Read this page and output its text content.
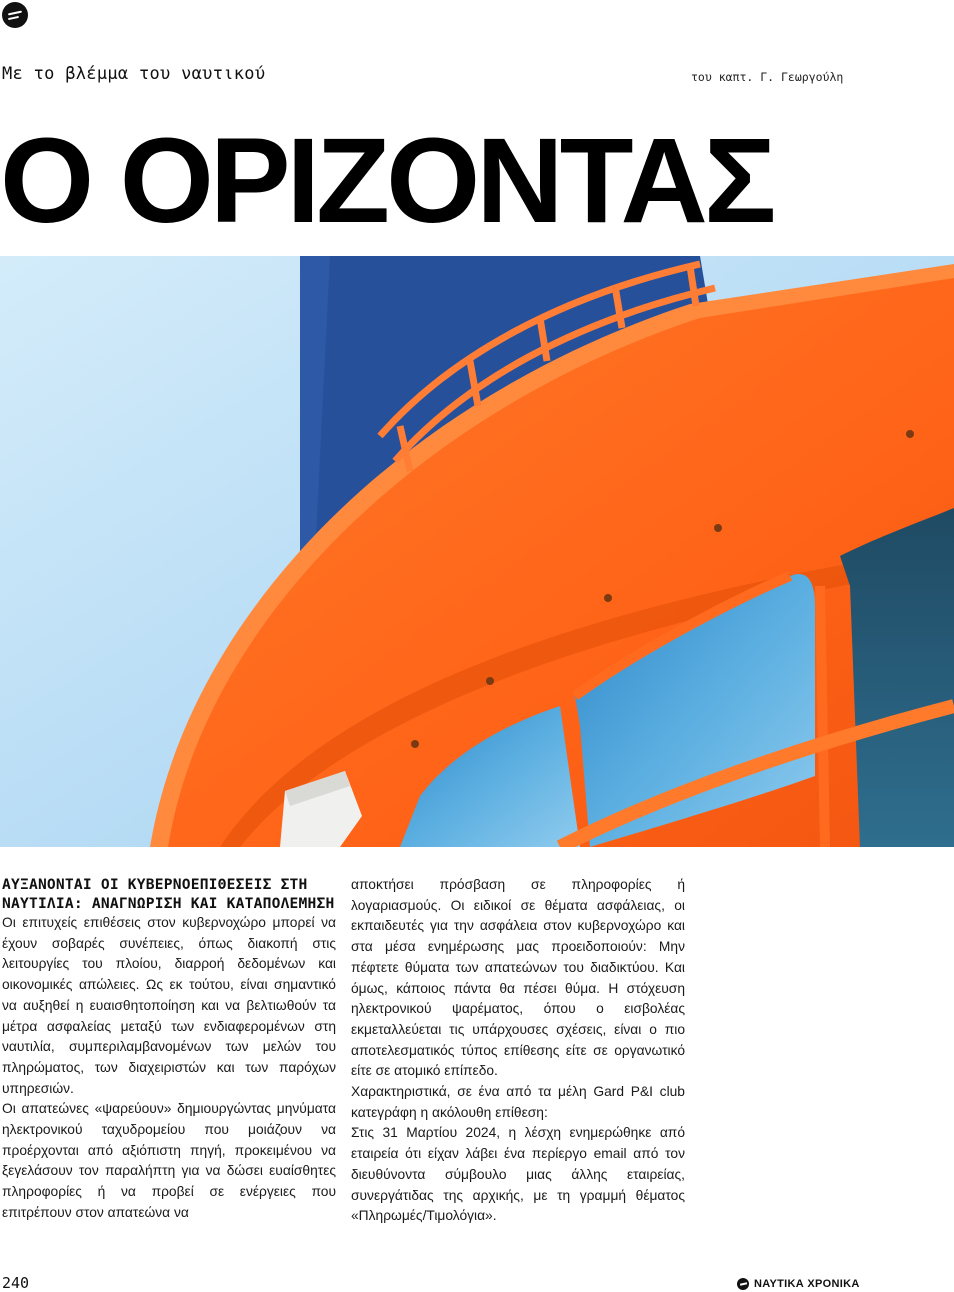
Με το βλέμμα του ναυτικού	του καπτ. Γ. Γεωργούλη
Ο ΟΡΙΖΟΝΤΑΣ

ΑΥΞΑΝΟΝΤΑΙ ΟΙ ΚΥΒΕΡΝΟΕΠΙΘΕΣΕΙΣ ΣΤΗ ΝΑΥΤΙΛΙΑ: ΑΝΑΓΝΩΡΙΣΗ ΚΑΙ ΚΑΤΑΠΟΛΕΜΗΣΗ

Οι επιτυχείς επιθέσεις στον κυβερνοχώρο μπορεί να έχουν σοβαρές συνέπειες, όπως διακοπή στις λειτουργίες του πλοίου, διαρροή δεδομένων και οικονομικές απώλειες. Ως εκ τούτου, είναι σημαντικό να αυξηθεί η ευαισθητοποίηση και να βελτιωθούν τα μέτρα ασφαλείας μεταξύ των ενδιαφερομένων στη ναυτιλία, συμπεριλαμβανομένων των μελών του πληρώματος, των διαχειριστών και των παρόχων υπηρεσιών.

Οι απατεώνες «ψαρεύουν» δημιουργώντας μηνύματα ηλεκτρονικού ταχυδρομείου που μοιάζουν να προέρχονται από αξιόπιστη πηγή, προκειμένου να ξεγελάσουν τον παραλήπτη για να δώσει ευαίσθητες πληροφορίες ή να προβεί σε ενέργειες που επιτρέπουν στον απατεώνα να

αποκτήσει πρόσβαση σε πληροφορίες ή λογαριασμούς. Οι ειδικοί σε θέματα ασφάλειας, οι εκπαιδευτές για την ασφάλεια στον κυβερνοχώρο και στα μέσα ενημέρωσης μας προειδοποιούν: Μην πέφτετε θύματα των απατεώνων του διαδικτύου. Και όμως, κάποιος πάντα θα πέσει θύμα. Η στόχευση ηλεκτρονικού ψαρέματος, όπου ο εισβολέας εκμεταλλεύεται τις υπάρχουσες σχέσεις, είναι ο πιο αποτελεσματικός τύπος επίθεσης είτε σε οργανωτικό είτε σε ατομικό επίπεδο.

Χαρακτηριστικά, σε ένα από τα μέλη Gard P&I club κατεγράφη η ακόλουθη επίθεση:

Στις 31 Μαρτίου 2024, η λέσχη ενημερώθηκε από εταιρεία ότι είχαν λάβει ένα περίεργο email από τον διευθύνοντα σύμβουλο μιας άλλης εταιρείας, συνεργάτιδας της αρχικής, με τη γραμμή θέματος «Πληρωμές/Τιμολόγια».

240	ΝΑΥΤΙΚΑ ΧΡΟΝΙΚΑ
